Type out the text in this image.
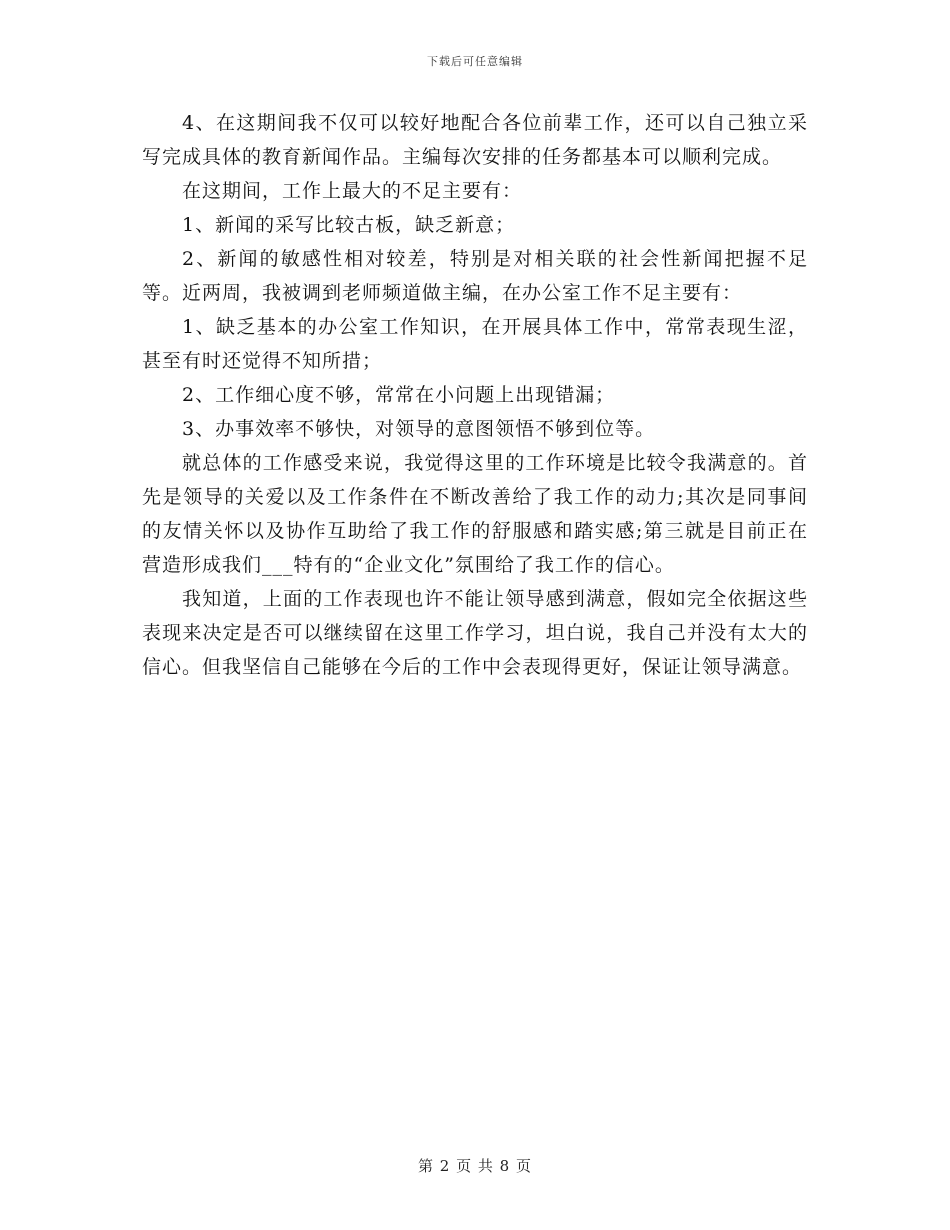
下载后可任意编辑

4、在这期间我不仅可以较好地配合各位前辈工作，还可以自己独立采写完成具体的教育新闻作品。主编每次安排的任务都基本可以顺利完成。

在这期间，工作上最大的不足主要有：

1、新闻的采写比较古板，缺乏新意；

2、新闻的敏感性相对较差，特别是对相关联的社会性新闻把握不足等。近两周，我被调到老师频道做主编，在办公室工作不足主要有：

1、缺乏基本的办公室工作知识，在开展具体工作中，常常表现生涩，甚至有时还觉得不知所措；

2、工作细心度不够，常常在小问题上出现错漏；

3、办事效率不够快，对领导的意图领悟不够到位等。

就总体的工作感受来说，我觉得这里的工作环境是比较令我满意的。首先是领导的关爱以及工作条件在不断改善给了我工作的动力;其次是同事间的友情关怀以及协作互助给了我工作的舒服感和踏实感;第三就是目前正在营造形成我们___特有的“企业文化”氛围给了我工作的信心。

我知道，上面的工作表现也许不能让领导感到满意，假如完全依据这些表现来决定是否可以继续留在这里工作学习，坦白说，我自己并没有太大的信心。但我坚信自己能够在今后的工作中会表现得更好，保证让领导满意。

第 2 页 共 8 页
